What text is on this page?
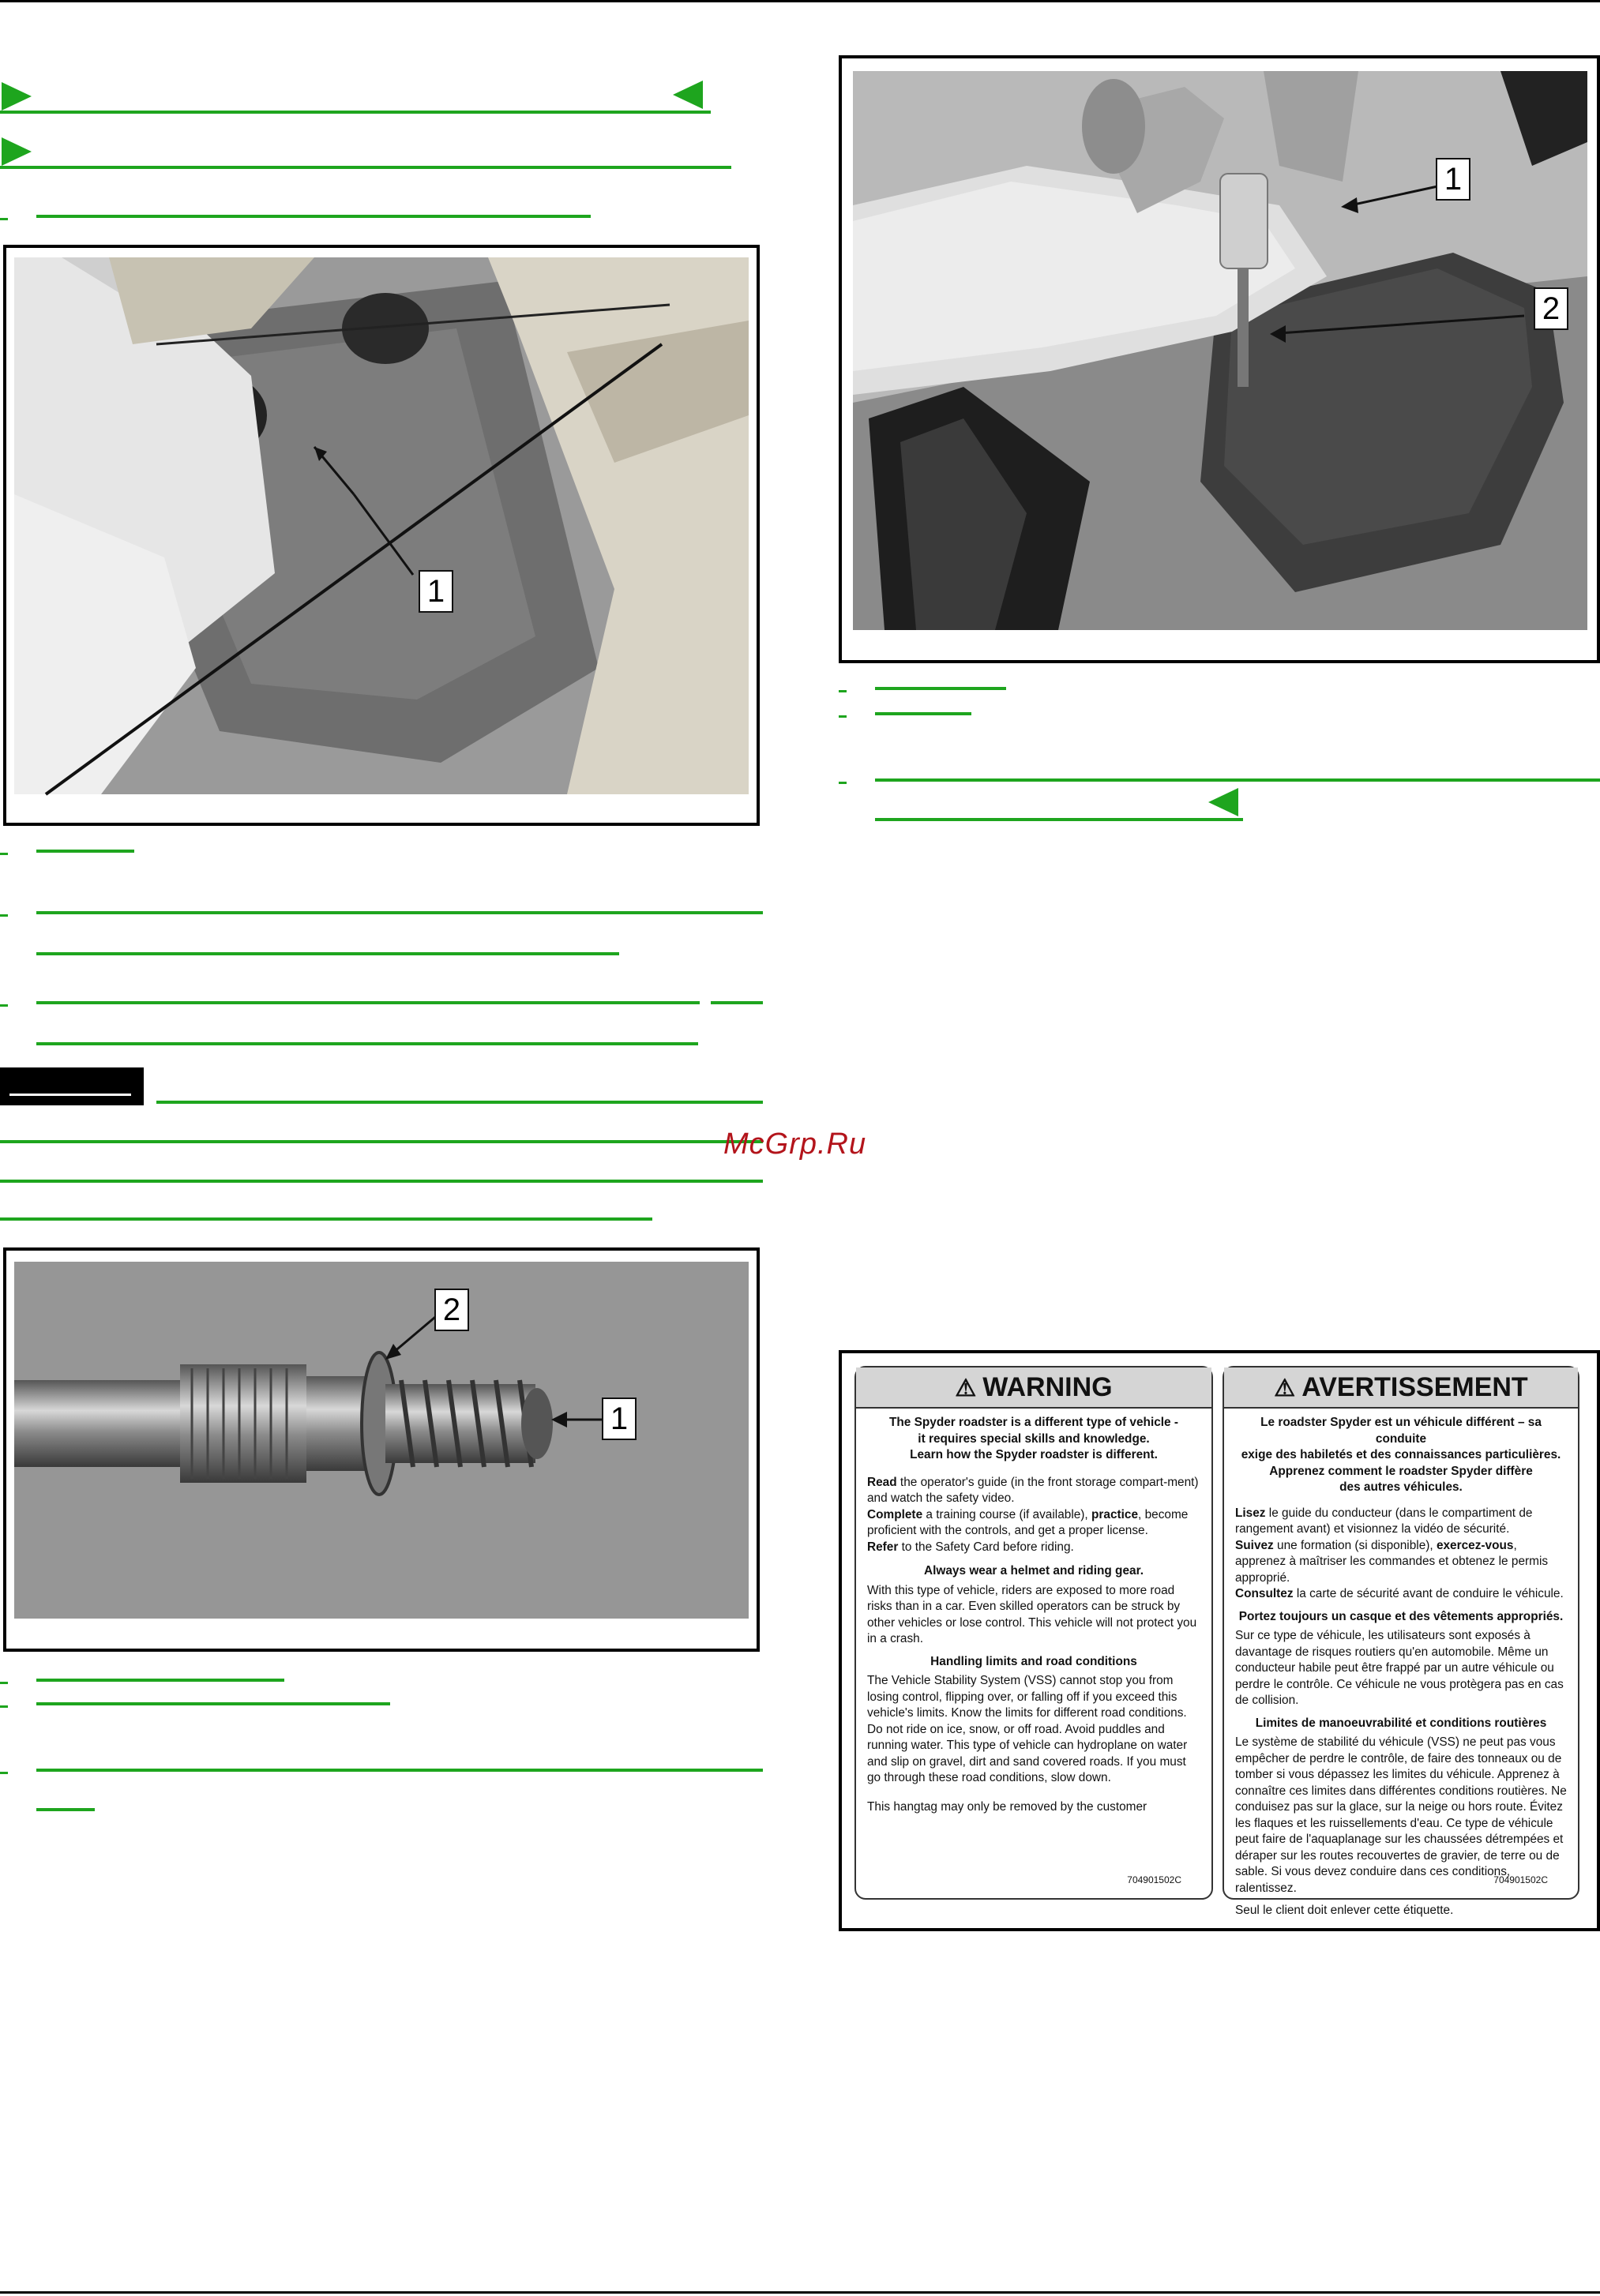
1
2
1
McGrp.Ru
1
2
⚠ WARNING

The Spyder roadster is a different type of vehicle -
it requires special skills and knowledge.
Learn how the Spyder roadster is different.

Read the operator's guide (in the front storage compart-ment) and watch the safety video.
Complete a training course (if available), practice, become proficient with the controls, and get a proper license.
Refer to the Safety Card before riding.

Always wear a helmet and riding gear.

With this type of vehicle, riders are exposed to more road risks than in a car. Even skilled operators can be struck by other vehicles or lose control. This vehicle will not protect you in a crash.

Handling limits and road conditions

The Vehicle Stability System (VSS) cannot stop you from losing control, flipping over, or falling off if you exceed this vehicle's limits. Know the limits for different road conditions. Do not ride on ice, snow, or off road. Avoid puddles and running water. This type of vehicle can hydroplane on water and slip on gravel, dirt and sand covered roads. If you must go through these road conditions, slow down.

This hangtag may only be removed by the customer

704901502C
⚠ AVERTISSEMENT

Le roadster Spyder est un véhicule différent – sa conduite
exige des habiletés et des connaissances particulières.
Apprenez comment le roadster Spyder diffère
des autres véhicules.

Lisez le guide du conducteur (dans le compartiment de rangement avant) et visionnez la vidéo de sécurité.
Suivez une formation (si disponible), exercez-vous, apprenez à maîtriser les commandes et obtenez le permis approprié.
Consultez la carte de sécurité avant de conduire le véhicule.

Portez toujours un casque et des vêtements appropriés.

Sur ce type de véhicule, les utilisateurs sont exposés à davantage de risques routiers qu'en automobile. Même un conducteur habile peut être frappé par un autre véhicule ou perdre le contrôle. Ce véhicule ne vous protègera pas en cas de collision.

Limites de manoeuvrabilité et conditions routières

Le système de stabilité du véhicule (VSS) ne peut pas vous empêcher de perdre le contrôle, de faire des tonneaux ou de tomber si vous dépassez les limites du véhicule. Apprenez à connaître ces limites dans différentes conditions routières. Ne conduisez pas sur la glace, sur la neige ou hors route. Évitez les flaques et les ruissellements d'eau. Ce type de véhicule peut faire de l'aquaplanage sur les chaussées détrempées et déraper sur les routes recouvertes de gravier, de terre ou de sable. Si vous devez conduire dans ces conditions, ralentissez.

Seul le client doit enlever cette étiquette.

704901502C
